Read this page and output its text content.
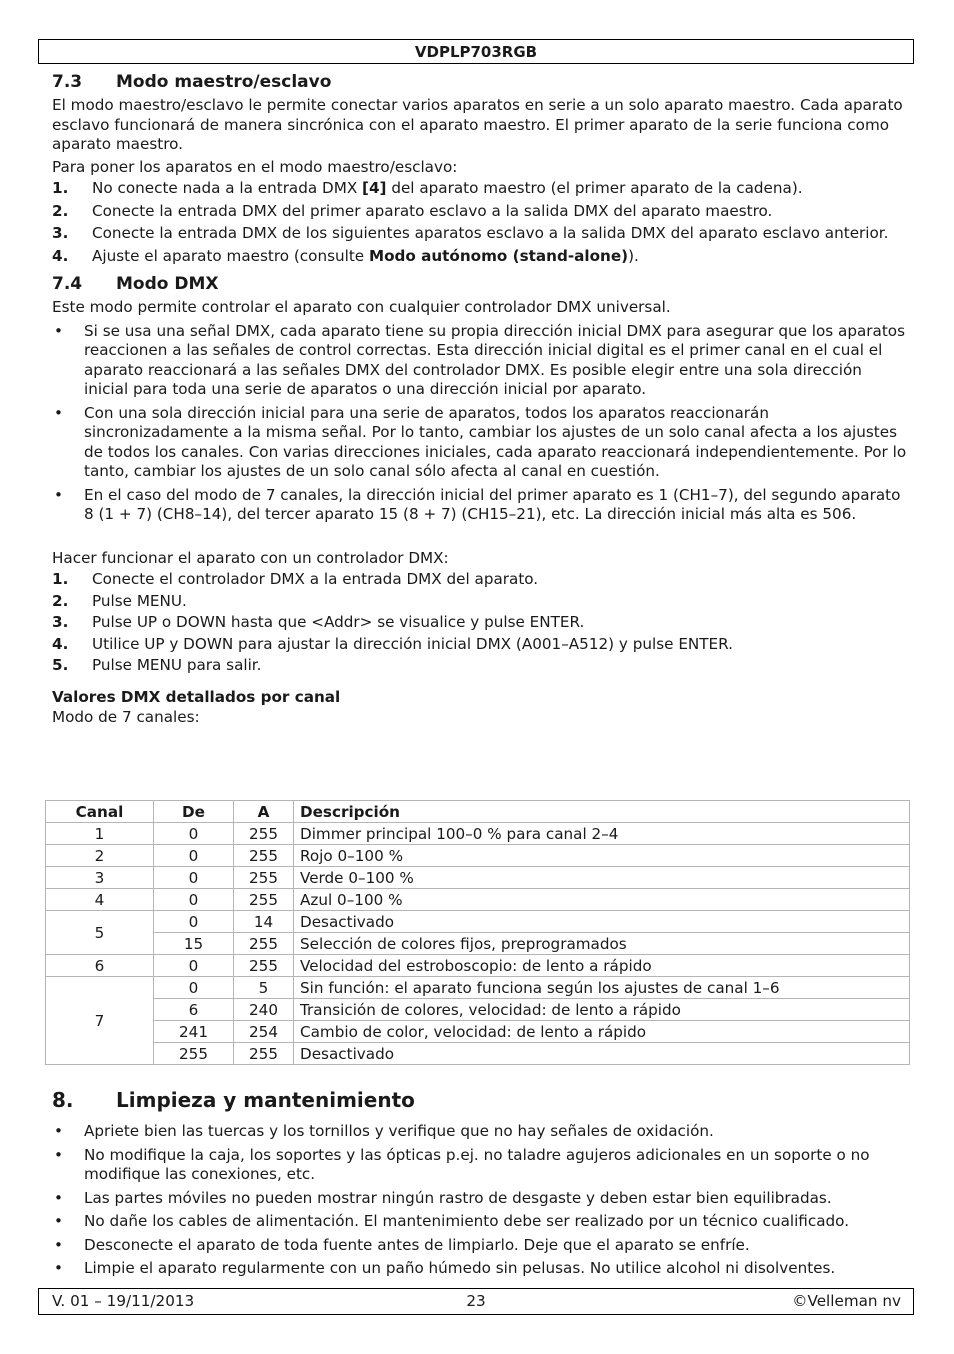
VDPLP703RGB
7.3 Modo maestro/esclavo

El modo maestro/esclavo le permite conectar varios aparatos en serie a un solo aparato maestro. Cada aparato esclavo funcionará de manera sincrónica con el aparato maestro. El primer aparato de la serie funciona como aparato maestro.

Para poner los aparatos en el modo maestro/esclavo:

1. No conecte nada a la entrada DMX [4] del aparato maestro (el primer aparato de la cadena).
2. Conecte la entrada DMX del primer aparato esclavo a la salida DMX del aparato maestro.
3. Conecte la entrada DMX de los siguientes aparatos esclavo a la salida DMX del aparato esclavo anterior.
4. Ajuste el aparato maestro (consulte Modo autónomo (stand-alone)).
7.4 Modo DMX

Este modo permite controlar el aparato con cualquier controlador DMX universal.

• Si se usa una señal DMX, cada aparato tiene su propia dirección inicial DMX para asegurar que los aparatos reaccionen a las señales de control correctas. Esta dirección inicial digital es el primer canal en el cual el aparato reaccionará a las señales DMX del controlador DMX. Es posible elegir entre una sola dirección inicial para toda una serie de aparatos o una dirección inicial por aparato.
• Con una sola dirección inicial para una serie de aparatos, todos los aparatos reaccionarán sincronizadamente a la misma señal. Por lo tanto, cambiar los ajustes de un solo canal afecta a los ajustes de todos los canales. Con varias direcciones iniciales, cada aparato reaccionará independientemente. Por lo tanto, cambiar los ajustes de un solo canal sólo afecta al canal en cuestión.
• En el caso del modo de 7 canales, la dirección inicial del primer aparato es 1 (CH1–7), del segundo aparato 8 (1 + 7) (CH8–14), del tercer aparato 15 (8 + 7) (CH15–21), etc. La dirección inicial más alta es 506.

Hacer funcionar el aparato con un controlador DMX:

1. Conecte el controlador DMX a la entrada DMX del aparato.
2. Pulse MENU.
3. Pulse UP o DOWN hasta que <Addr> se visualice y pulse ENTER.
4. Utilice UP y DOWN para ajustar la dirección inicial DMX (A001–A512) y pulse ENTER.
5. Pulse MENU para salir.

Valores DMX detallados por canal

Modo de 7 canales:

Canal	De	A	Descripción
1	0	255	Dimmer principal 100–0 % para canal 2–4
2	0	255	Rojo 0–100 %
3	0	255	Verde 0–100 %
4	0	255	Azul 0–100 %
5	0	14	Desactivado
	15	255	Selección de colores fijos, preprogramados
6	0	255	Velocidad del estroboscopio: de lento a rápido
7	0	5	Sin función: el aparato funciona según los ajustes de canal 1–6
	6	240	Transición de colores, velocidad: de lento a rápido
	241	254	Cambio de color, velocidad: de lento a rápido
	255	255	Desactivado
8. Limpieza y mantenimiento
• Apriete bien las tuercas y los tornillos y verifique que no hay señales de oxidación.
• No modifique la caja, los soportes y las ópticas p.ej. no taladre agujeros adicionales en un soporte o no modifique las conexiones, etc.
• Las partes móviles no pueden mostrar ningún rastro de desgaste y deben estar bien equilibradas.
• No dañe los cables de alimentación. El mantenimiento debe ser realizado por un técnico cualificado.
• Desconecte el aparato de toda fuente antes de limpiarlo. Deje que el aparato se enfríe.
• Limpie el aparato regularmente con un paño húmedo sin pelusas. No utilice alcohol ni disolventes.
V. 01 – 19/11/2013	23	©Velleman nv
